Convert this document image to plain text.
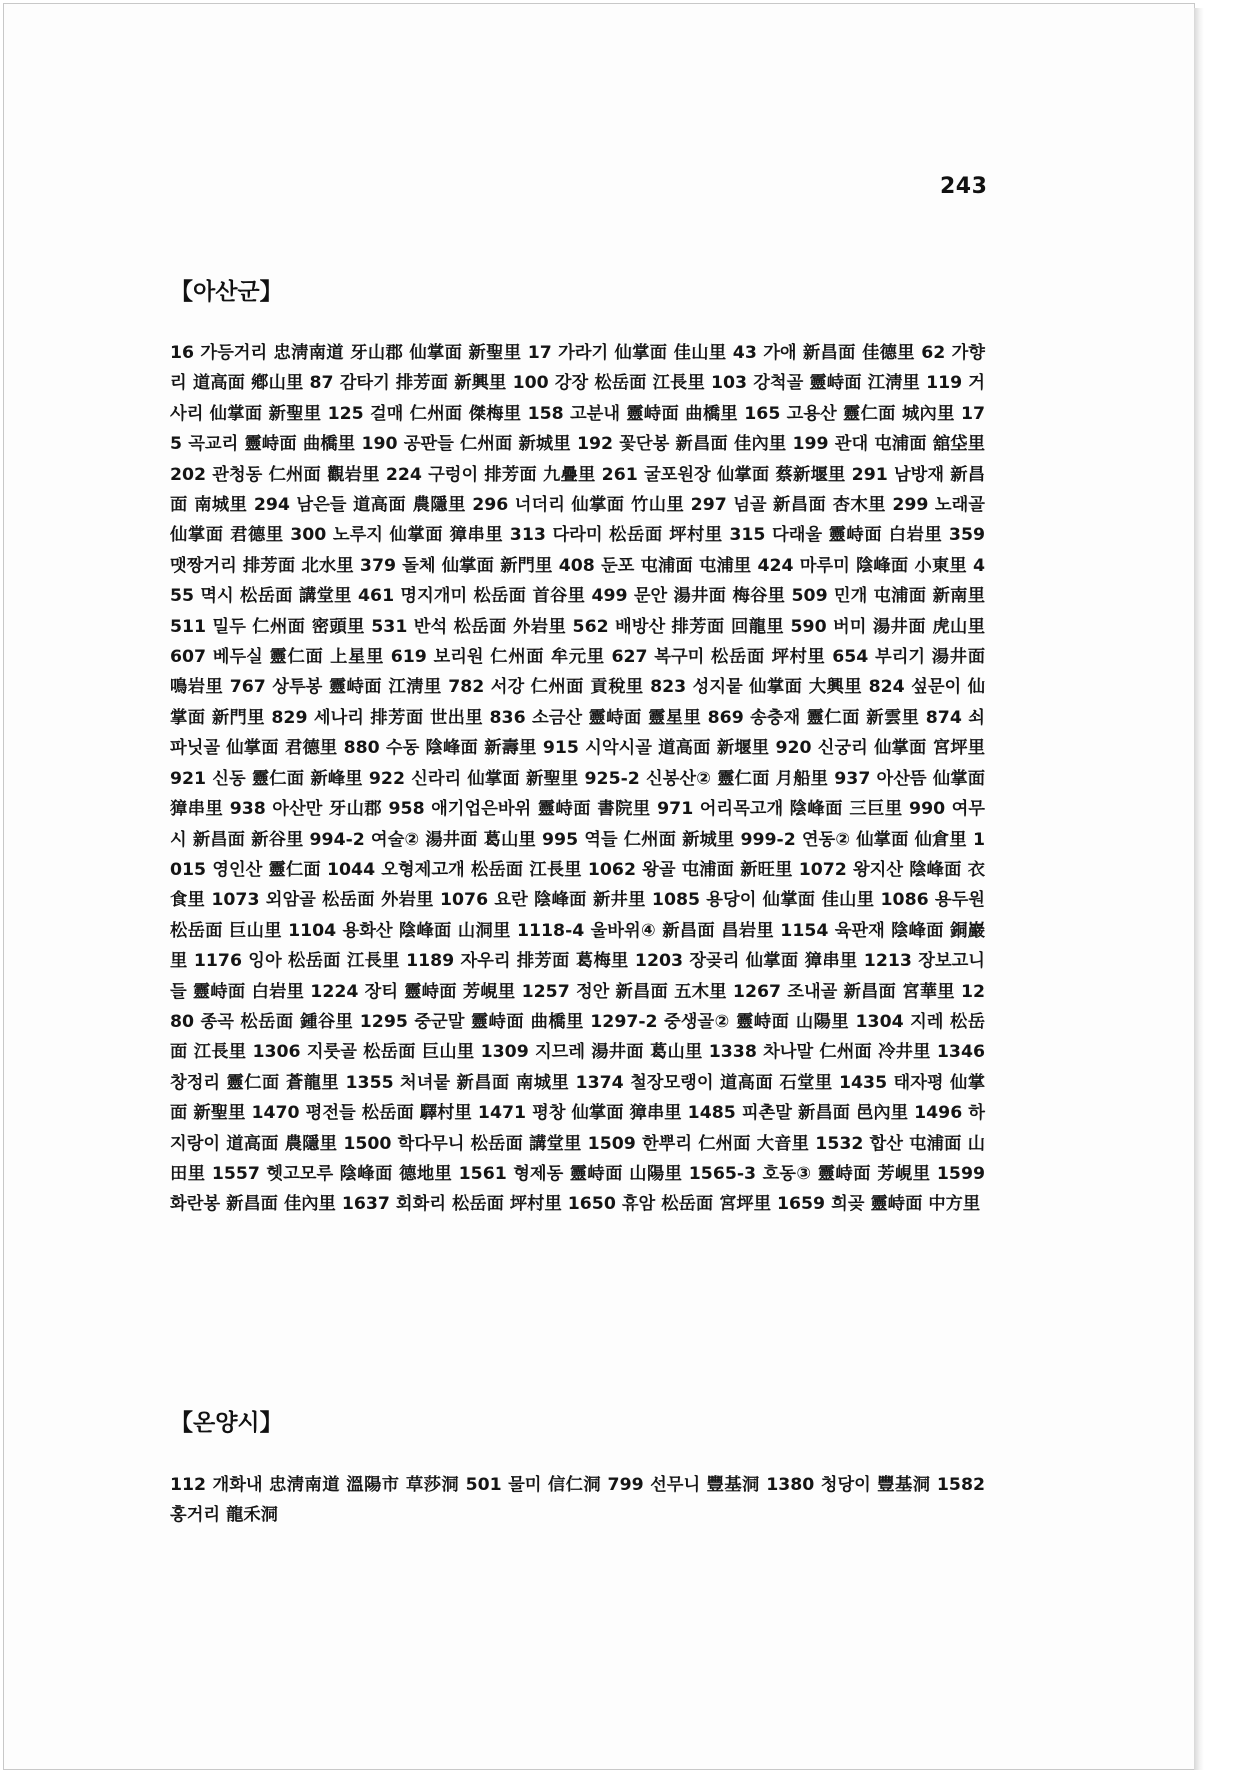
243
【아산군】

16 가등거리 忠淸南道 牙山郡 仙掌面 新聖里 17 가라기 仙掌面 佳山里 43 가애 新昌面 佳德里 62 가향리 道高面 鄕山里 87 감타기 排芳面 新興里 100 강장 松岳面 江長里 103 강척골 靈峙面 江淸里 119 거사리 仙掌面 新聖里 125 걸매 仁州面 傑梅里 158 고분내 靈峙面 曲橋里 165 고용산 靈仁面 城內里 175 곡교리 靈峙面 曲橋里 190 공판들 仁州面 新城里 192 꽃단봉 新昌面 佳內里 199 관대 屯浦面 舘垈里 202 관청동 仁州面 觀岩里 224 구렁이 排芳面 九疊里 261 굴포원장 仙掌面 蔡新堰里 291 남방재 新昌面 南城里 294 남은들 道高面 農隱里 296 너더리 仙掌面 竹山里 297 넘골 新昌面 杏木里 299 노래골 仙掌面 君德里 300 노루지 仙掌面 獐串里 313 다라미 松岳面 坪村里 315 다래울 靈峙面 白岩里 359 맷짱거리 排芳面 北水里 379 돌체 仙掌面 新門里 408 둔포 屯浦面 屯浦里 424 마루미 陰峰面 小東里 455 멱시 松岳面 講堂里 461 명지개미 松岳面 首谷里 499 문안 湯井面 梅谷里 509 민개 屯浦面 新南里 511 밀두 仁州面 密頭里 531 반석 松岳面 外岩里 562 배방산 排芳面 回龍里 590 버미 湯井面 虎山里 607 베두실 靈仁面 上星里 619 보리원 仁州面 牟元里 627 복구미 松岳面 坪村里 654 부리기 湯井面 鳴岩里 767 상투봉 靈峙面 江淸里 782 서강 仁州面 貢稅里 823 성지뭍 仙掌面 大興里 824 섶문이 仙掌面 新門里 829 세나리 排芳面 世出里 836 소금산 靈峙面 靈星里 869 송충재 靈仁面 新雲里 874 쇠파닛골 仙掌面 君德里 880 수동 陰峰面 新壽里 915 시악시골 道高面 新堰里 920 신궁리 仙掌面 宮坪里 921 신동 靈仁面 新峰里 922 신라리 仙掌面 新聖里 925-2 신봉산② 靈仁面 月船里 937 아산뜸 仙掌面 獐串里 938 아산만 牙山郡 958 애기업은바위 靈峙面 書院里 971 어리목고개 陰峰面 三巨里 990 여무시 新昌面 新谷里 994-2 여술② 湯井面 葛山里 995 역들 仁州面 新城里 999-2 연동② 仙掌面 仙倉里 1015 영인산 靈仁面 1044 오형제고개 松岳面 江長里 1062 왕골 屯浦面 新旺里 1072 왕지산 陰峰面 衣食里 1073 외암골 松岳面 外岩里 1076 요란 陰峰面 新井里 1085 용당이 仙掌面 佳山里 1086 용두원 松岳面 巨山里 1104 용화산 陰峰面 山洞里 1118-4 울바위④ 新昌面 昌岩里 1154 육판재 陰峰面 銅巖里 1176 잉아 松岳面 江長里 1189 자우리 排芳面 葛梅里 1203 장곶리 仙掌面 獐串里 1213 장보고니들 靈峙面 白岩里 1224 장티 靈峙面 芳峴里 1257 정안 新昌面 五木里 1267 조내골 新昌面 宮華里 1280 종곡 松岳面 鍾谷里 1295 중군말 靈峙面 曲橋里 1297-2 중생골② 靈峙面 山陽里 1304 지레 松岳面 江長里 1306 지룻골 松岳面 巨山里 1309 지므레 湯井面 葛山里 1338 차나말 仁州面 冷井里 1346 창정리 靈仁面 蒼龍里 1355 처녀뭍 新昌面 南城里 1374 철장모랭이 道高面 石堂里 1435 태자평 仙掌面 新聖里 1470 평전들 松岳面 驛村里 1471 평창 仙掌面 獐串里 1485 피촌말 新昌面 邑內里 1496 하지랑이 道高面 農隱里 1500 학다무니 松岳面 講堂里 1509 한뿌리 仁州面 大音里 1532 합산 屯浦面 山田里 1557 헷고모루 陰峰面 德地里 1561 형제동 靈峙面 山陽里 1565-3 호동③ 靈峙面 芳峴里 1599 화란봉 新昌面 佳內里 1637 회화리 松岳面 坪村里 1650 휴암 松岳面 宮坪里 1659 희곶 靈峙面 中方里

【온양시】

112 개화내 忠淸南道 溫陽市 草莎洞 501 물미 信仁洞 799 선무니 豐基洞 1380 청당이 豐基洞 1582 홍거리 龍禾洞
